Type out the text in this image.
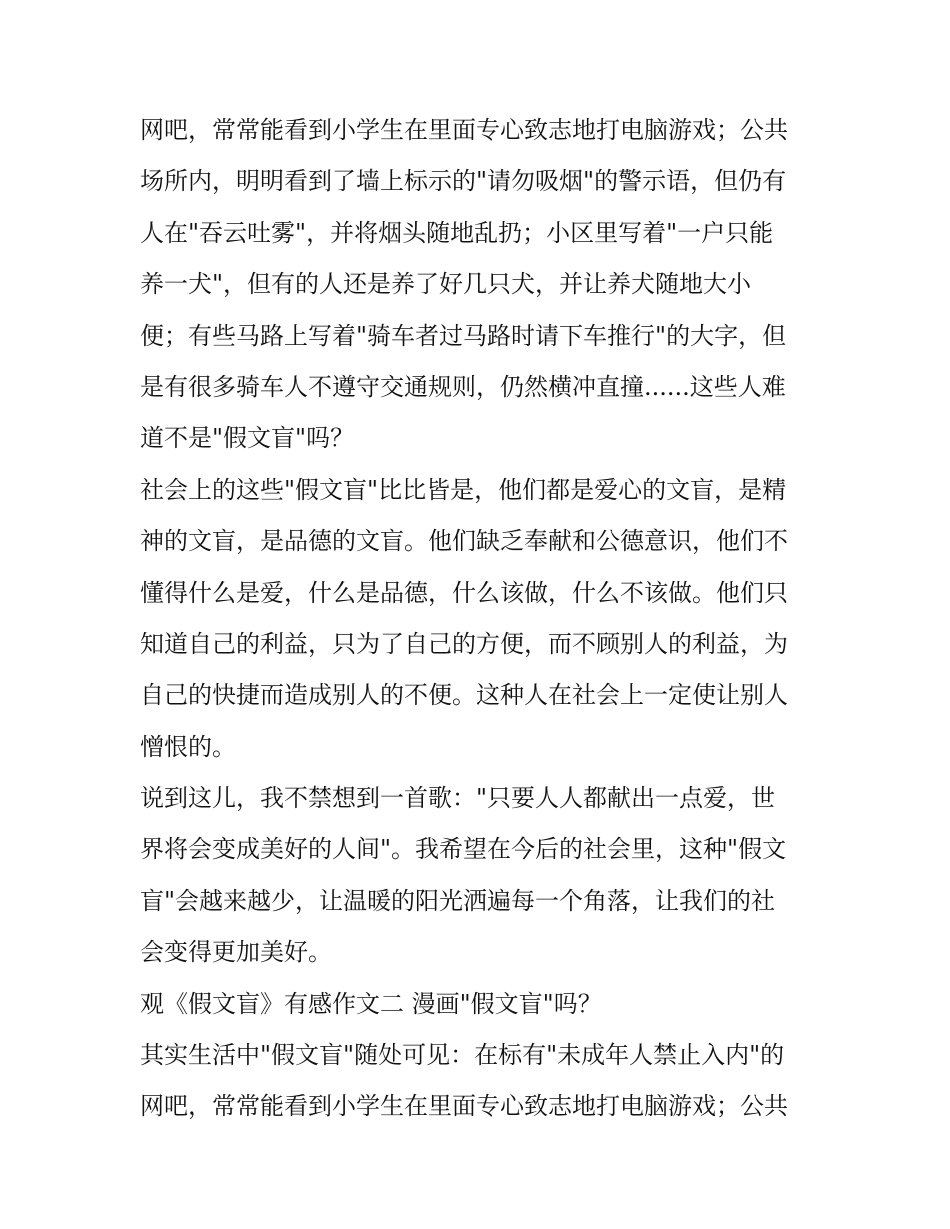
网吧，常常能看到小学生在里面专心致志地打电脑游戏；公共
场所内，明明看到了墙上标示的"请勿吸烟"的警示语，但仍有
人在"吞云吐雾"，并将烟头随地乱扔；小区里写着"一户只能
养一犬"，但有的人还是养了好几只犬，并让养犬随地大小
便；有些马路上写着"骑车者过马路时请下车推行"的大字，但
是有很多骑车人不遵守交通规则，仍然横冲直撞......这些人难
道不是"假文盲"吗？
社会上的这些"假文盲"比比皆是，他们都是爱心的文盲，是精
神的文盲，是品德的文盲。他们缺乏奉献和公德意识，他们不
懂得什么是爱，什么是品德，什么该做，什么不该做。他们只
知道自己的利益，只为了自己的方便，而不顾别人的利益，为
自己的快捷而造成别人的不便。这种人在社会上一定使让别人
憎恨的。
说到这儿，我不禁想到一首歌："只要人人都献出一点爱，世
界将会变成美好的人间"。我希望在今后的社会里，这种"假文
盲"会越来越少，让温暖的阳光洒遍每一个角落，让我们的社
会变得更加美好。
观《假文盲》有感作文二 漫画"假文盲"吗？
其实生活中"假文盲"随处可见：在标有"未成年人禁止入内"的
网吧，常常能看到小学生在里面专心致志地打电脑游戏；公共
